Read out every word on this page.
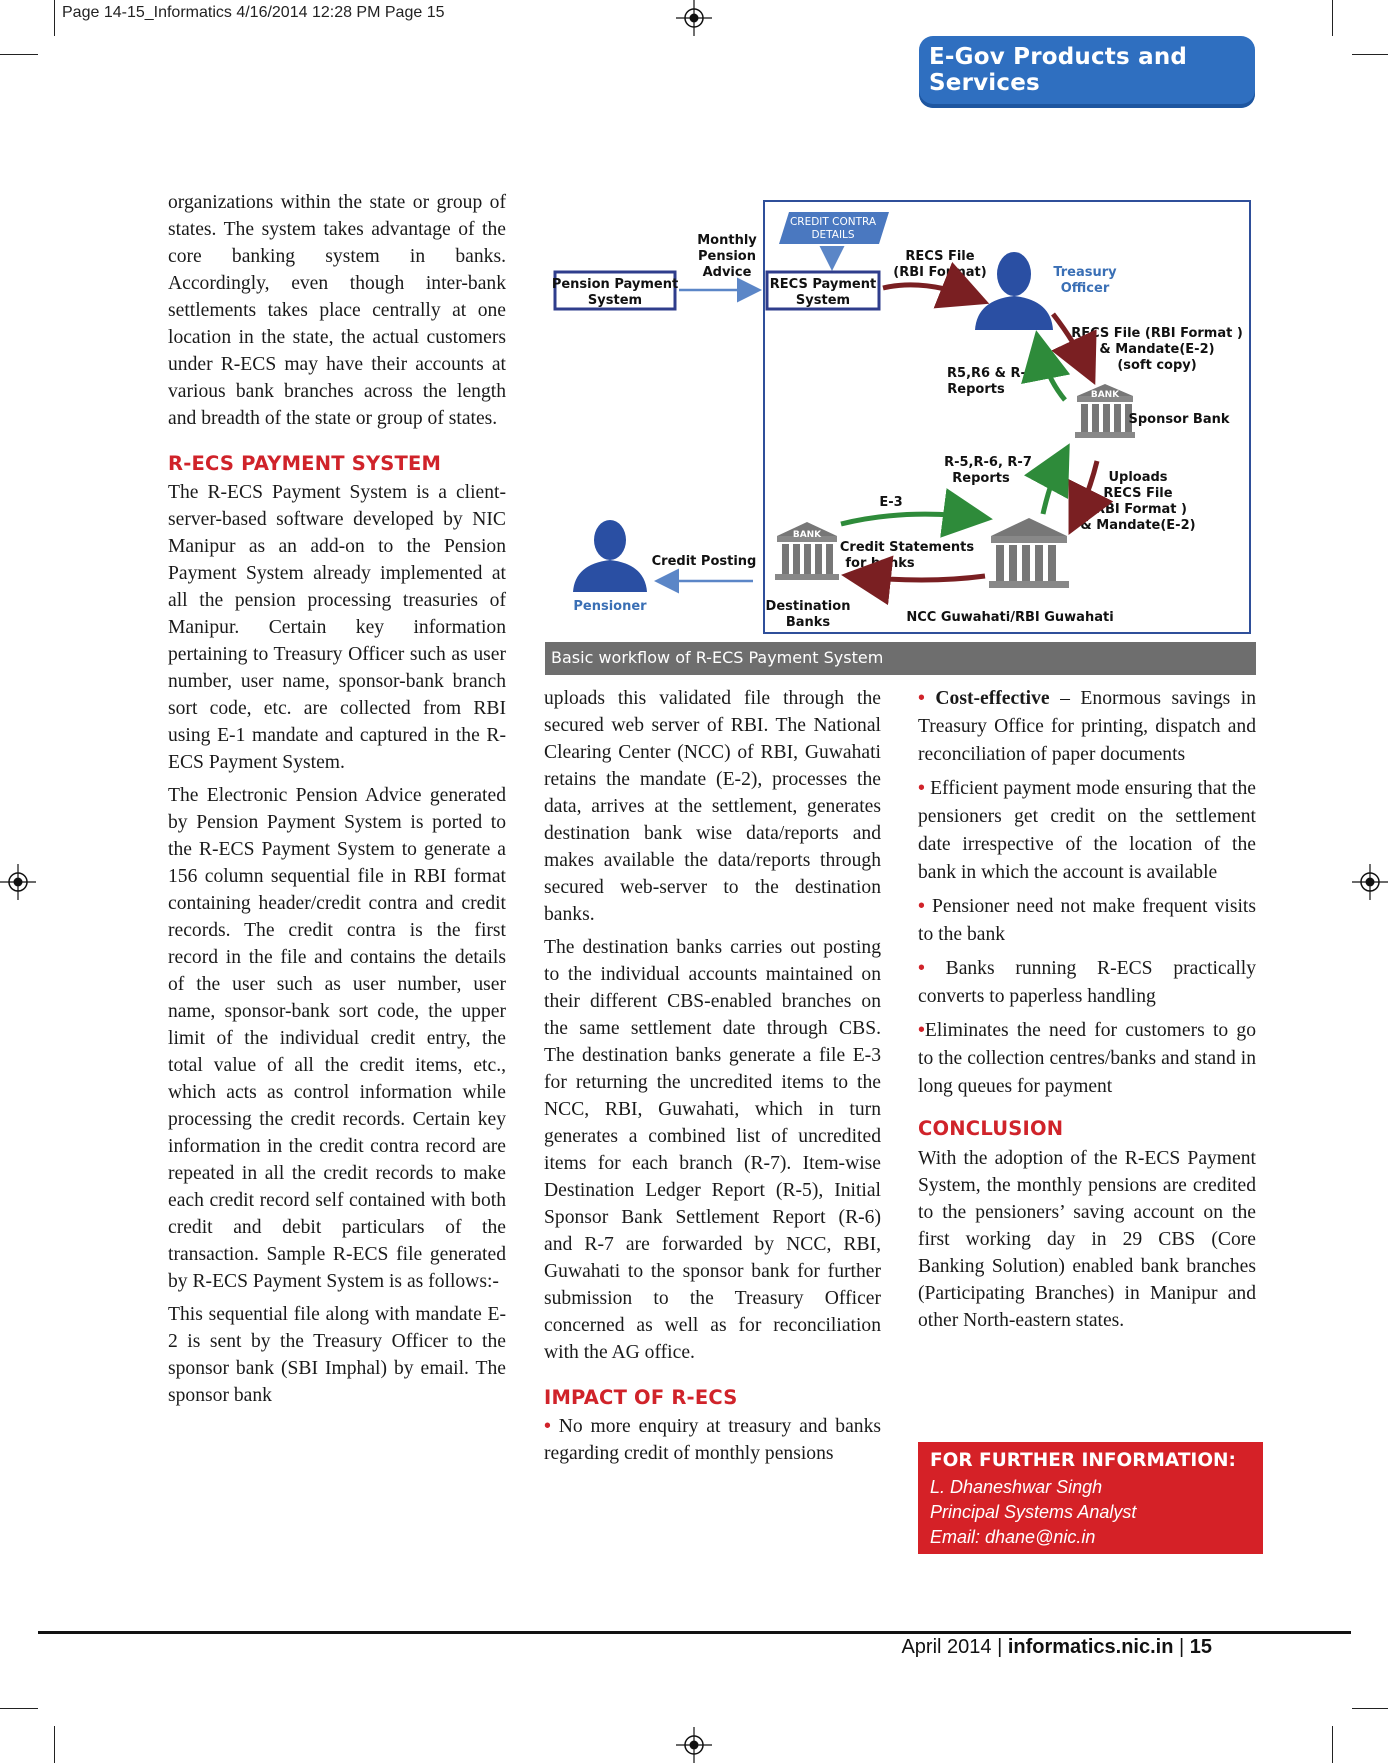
Page 14-15_Informatics 4/16/2014 12:28 PM Page 15
E-Gov Products and Services
CREDIT CONTRA
DETAILS
Pension Payment
System
Monthly
Pension
Advice
RECS Payment
System
RECS File
(RBI Format)	Treasury
Officer
RECS File (RBI Format )
& Mandate(E-2)
(soft copy)
R5,R6 & R-7
Reports	BANK
Sponsor Bank
R-5,R-6, R-7
Reports	Uploads
RECS File
(RBI Format )
& Mandate(E-2)
NCC Guwahati/RBI Guwahati
E-3
Credit Statements
for banks
BANK
Destination
Banks
Credit Posting
Pensioner
Basic workflow of R-ECS Payment System

organizations within the state or group of states. The system takes advantage of the core banking system in banks. Accordingly, even though inter-bank settlements takes place centrally at one location in the state, the actual customers under R-ECS may have their accounts at various bank branches across the length and breadth of the state or group of states.

R-ECS PAYMENT SYSTEM

The R-ECS Payment System is a client-server-based software developed by NIC Manipur as an add-on to the Pension Payment System already implemented at all the pension processing treasuries of Manipur. Certain key information pertaining to Treasury Officer such as user number, user name, sponsor-bank branch sort code, etc. are collected from RBI using E-1 mandate and captured in the R-ECS Payment System.

The Electronic Pension Advice generated by Pension Payment System is ported to the R-ECS Payment System to generate a 156 column sequential file in RBI format containing header/credit contra and credit records. The credit contra is the first record in the file and contains the details of the user such as user number, user name, sponsor-bank sort code, the upper limit of the individual credit entry, the total value of all the credit items, etc., which acts as control information while processing the credit records. Certain key information in the credit contra record are repeated in all the credit records to make each credit record self contained with both credit and debit particulars of the transaction. Sample R-ECS file generated by R-ECS Payment System is as follows:-

This sequential file along with mandate E-2 is sent by the Treasury Officer to the sponsor bank (SBI Imphal) by email. The sponsor bank

uploads this validated file through the secured web server of RBI. The National Clearing Center (NCC) of RBI, Guwahati retains the mandate (E-2), processes the data, arrives at the settlement, generates destination bank wise data/reports and makes available the data/reports through secured web-server to the destination banks.

The destination banks carries out posting to the individual accounts maintained on their different CBS-enabled branches on the same settlement date through CBS. The destination banks generate a file E-3 for returning the uncredited items to the NCC, RBI, Guwahati, which in turn generates a combined list of uncredited items for each branch (R-7). Item-wise Destination Ledger Report (R-5), Initial Sponsor Bank Settlement Report (R-6) and R-7 are forwarded by NCC, RBI, Guwahati to the sponsor bank for further submission to the Treasury Officer concerned as well as for reconciliation with the AG office.

IMPACT OF R-ECS

• No more enquiry at treasury and banks regarding credit of monthly pensions

• Cost-effective – Enormous savings in Treasury Office for printing, dispatch and reconciliation of paper documents

• Efficient payment mode ensuring that the pensioners get credit on the settlement date irrespective of the location of the bank in which the account is available

• Pensioner need not make frequent visits to the bank

• Banks running R-ECS practically converts to paperless handling

•Eliminates the need for customers to go to the collection centres/banks and stand in long queues for payment

CONCLUSION

With the adoption of the R-ECS Payment System, the monthly pensions are credited to the pensioners’ saving account on the first working day in 29 CBS (Core Banking Solution) enabled bank branches (Participating Branches) in Manipur and other North-eastern states.

FOR FURTHER INFORMATION:
L. Dhaneshwar Singh
Principal Systems Analyst
Email: dhane@nic.in
April 2014 | informatics.nic.in | 15
